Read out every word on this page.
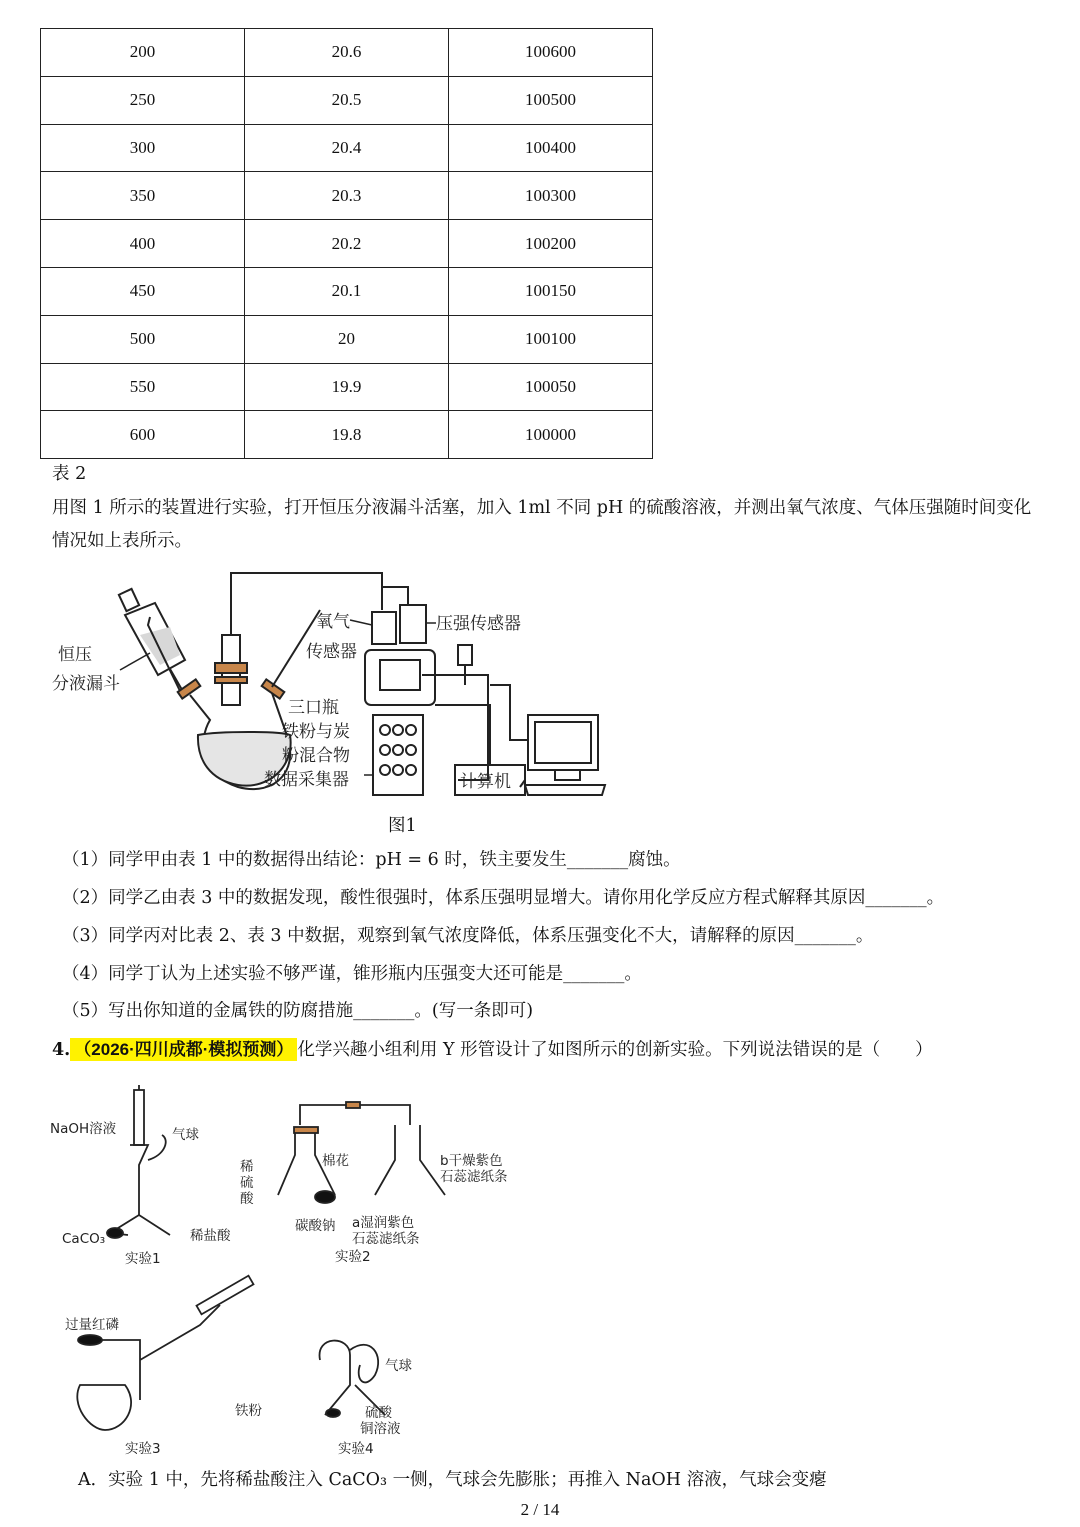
200	20.6	100600
250	20.5	100500
300	20.4	100400
350	20.3	100300
400	20.2	100200
450	20.1	100150
500	20	100100
550	19.9	100050
600	19.8	100000
表 2
用图 1 所示的装置进行实验，打开恒压分液漏斗活塞，加入 1ml 不同 pH 的硫酸溶液，并测出氧气浓度、气体压强随时间变化情况如上表所示。
恒压
分液漏斗
氧气
传感器
压强传感器
三口瓶
铁粉与炭
粉混合物
数据采集器	计算机
图1
（1）同学甲由表 1 中的数据得出结论：pH = 6 时，铁主要发生_______腐蚀。
（2）同学乙由表 3 中的数据发现，酸性很强时，体系压强明显增大。请你用化学反应方程式解释其原因_______。
（3）同学丙对比表 2、表 3 中数据，观察到氧气浓度降低，体系压强变化不大，请解释的原因_______。
（4）同学丁认为上述实验不够严谨，锥形瓶内压强变大还可能是_______。
（5）写出你知道的金属铁的防腐措施_______。(写一条即可)
4. （2026·四川成都·模拟预测） 化学兴趣小组利用 Y 形管设计了如图所示的创新实验。下列说法错误的是（　　）
NaOH溶液	气球
CaCO₃	稀盐酸
实验1
稀
硫
酸
棉花
碳酸钠
b干燥紫色
石蕊滤纸条
a湿润紫色
石蕊滤纸条
实验2
过量红磷
实验3
气球
铁粉	硫酸
铜溶液
实验4
A．实验 1 中，先将稀盐酸注入 CaCO₃ 一侧，气球会先膨胀；再推入 NaOH 溶液，气球会变瘪
2 / 14
